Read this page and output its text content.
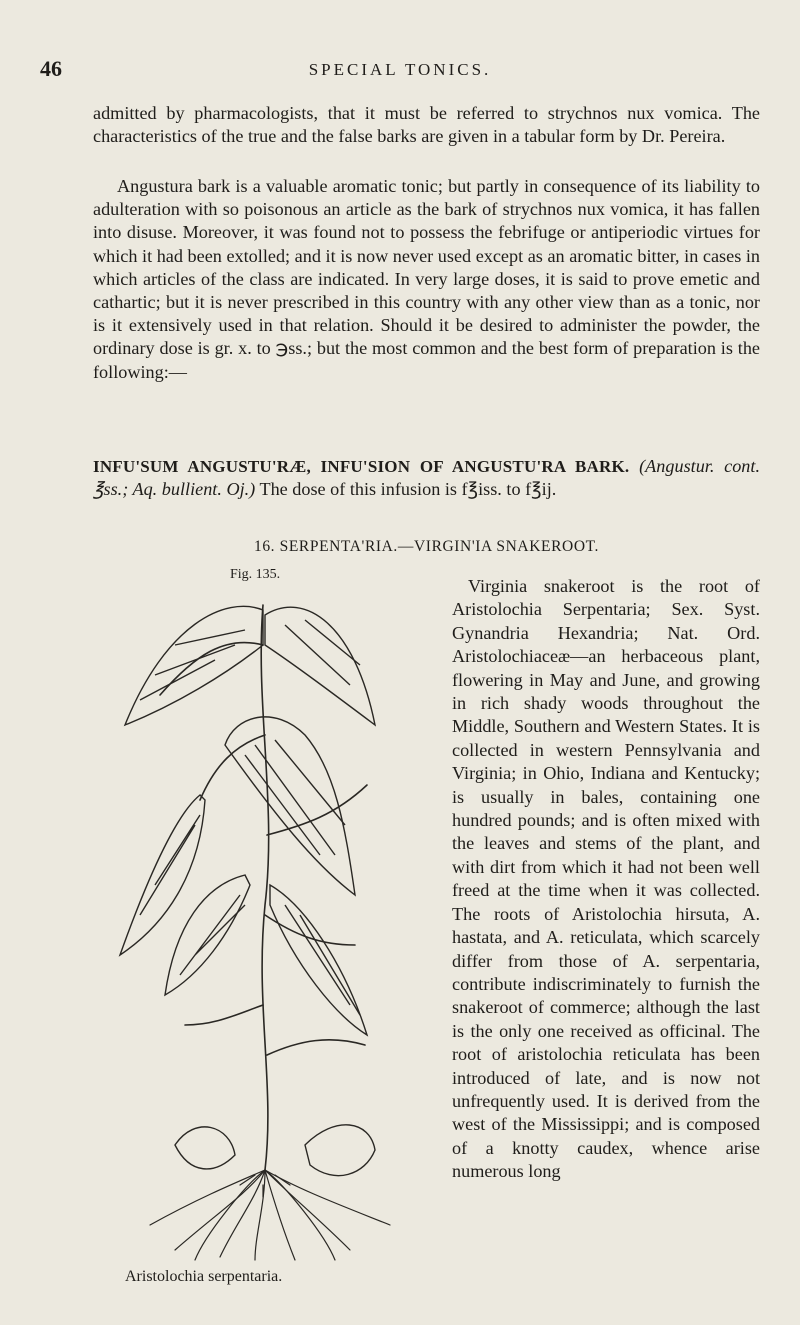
46	SPECIAL TONICS.

admitted by pharmacologists, that it must be referred to strychnos nux vomica. The characteristics of the true and the false barks are given in a tabular form by Dr. Pereira.

Angustura bark is a valuable aromatic tonic; but partly in consequence of its liability to adulteration with so poisonous an article as the bark of strychnos nux vomica, it has fallen into disuse. Moreover, it was found not to possess the febrifuge or antiperiodic virtues for which it had been extolled; and it is now never used except as an aromatic bitter, in cases in which articles of the class are indicated. In very large doses, it is said to prove emetic and cathartic; but it is never prescribed in this country with any other view than as a tonic, nor is it extensively used in that relation. Should it be desired to administer the powder, the ordinary dose is gr. x. to ℈ss.; but the most common and the best form of preparation is the following:—

INFU'SUM ANGUSTU'RÆ, INFU'SION OF ANGUSTU'RA BARK. (Angustur. cont. ℥ss.; Aq. bullient. Oj.) The dose of this infusion is f℥iss. to f℥ij.

16. SERPENTA'RIA.—VIRGIN'IA SNAKEROOT.
Fig. 135.
Aristolochia serpentaria.

Virginia snakeroot is the root of Aristolochia Serpentaria; Sex. Syst. Gynandria Hexandria; Nat. Ord. Aristolochiaceæ—an herbaceous plant, flowering in May and June, and growing in rich shady woods throughout the Middle, Southern and Western States. It is collected in western Pennsylvania and Virginia; in Ohio, Indiana and Kentucky; is usually in bales, containing one hundred pounds; and is often mixed with the leaves and stems of the plant, and with dirt from which it had not been well freed at the time when it was collected. The roots of Aristolochia hirsuta, A. hastata, and A. reticulata, which scarcely differ from those of A. serpentaria, contribute indiscriminately to furnish the snakeroot of commerce; although the last is the only one received as officinal. The root of aristolochia reticulata has been introduced of late, and is now not unfrequently used. It is derived from the west of the Mississippi; and is composed of a knotty caudex, whence arise numerous long
